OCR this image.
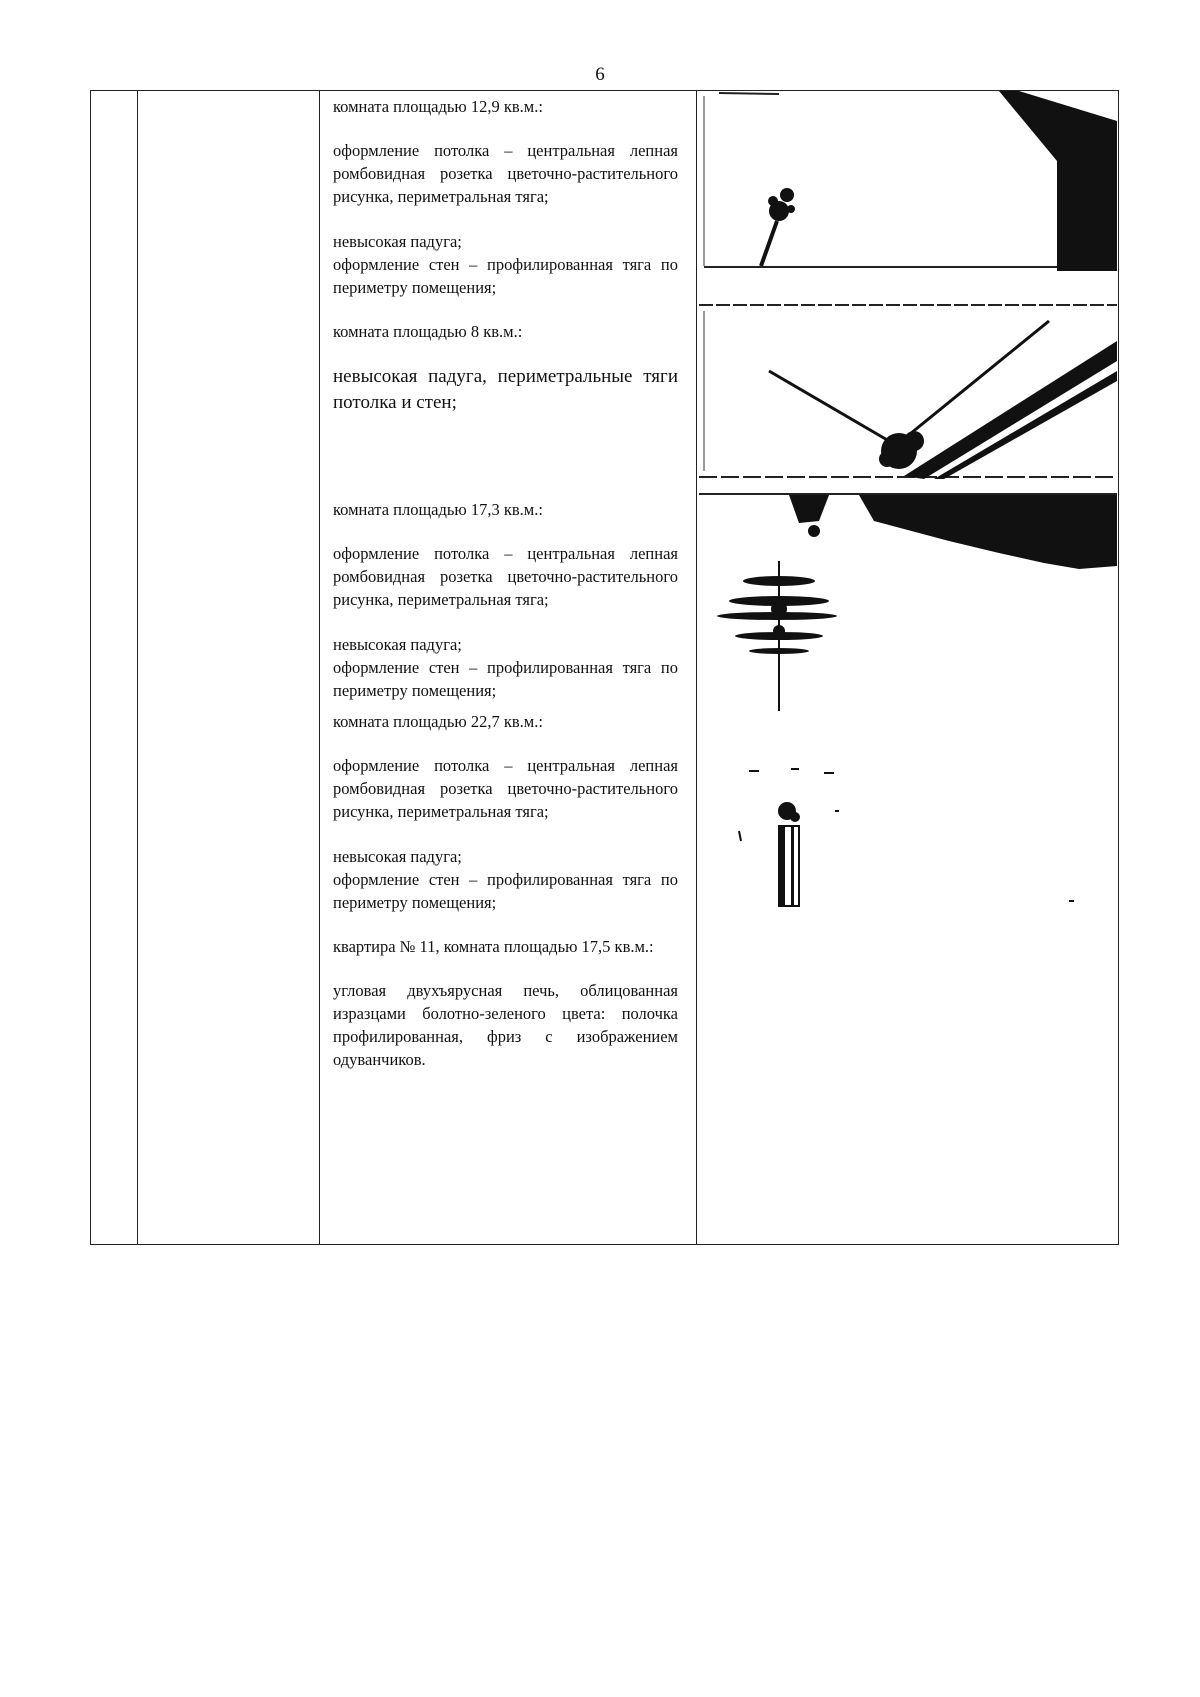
6

комната площадью 12,9 кв.м.:

оформление потолка – центральная лепная ромбовидная розетка цветочно-растительного рисунка, периметральная тяга;

невысокая падуга;

оформление стен – профилированная тяга по периметру помещения;

комната площадью 8 кв.м.:

невысокая падуга, периметральные тяги потолка и стен;

комната площадью 17,3 кв.м.:

оформление потолка – центральная лепная ромбовидная розетка цветочно-растительного рисунка, периметральная тяга;

невысокая падуга;

оформление стен – профилированная тяга по периметру помещения;

комната площадью 22,7 кв.м.:

оформление потолка – центральная лепная ромбовидная розетка цветочно-растительного рисунка, периметральная тяга;

невысокая падуга;

оформление стен – профилированная тяга по периметру помещения;

квартира № 11, комната площадью 17,5 кв.м.:

угловая двухъярусная печь, облицованная изразцами болотно-зеленого цвета: полочка профилированная, фриз с изображением одуванчиков.
